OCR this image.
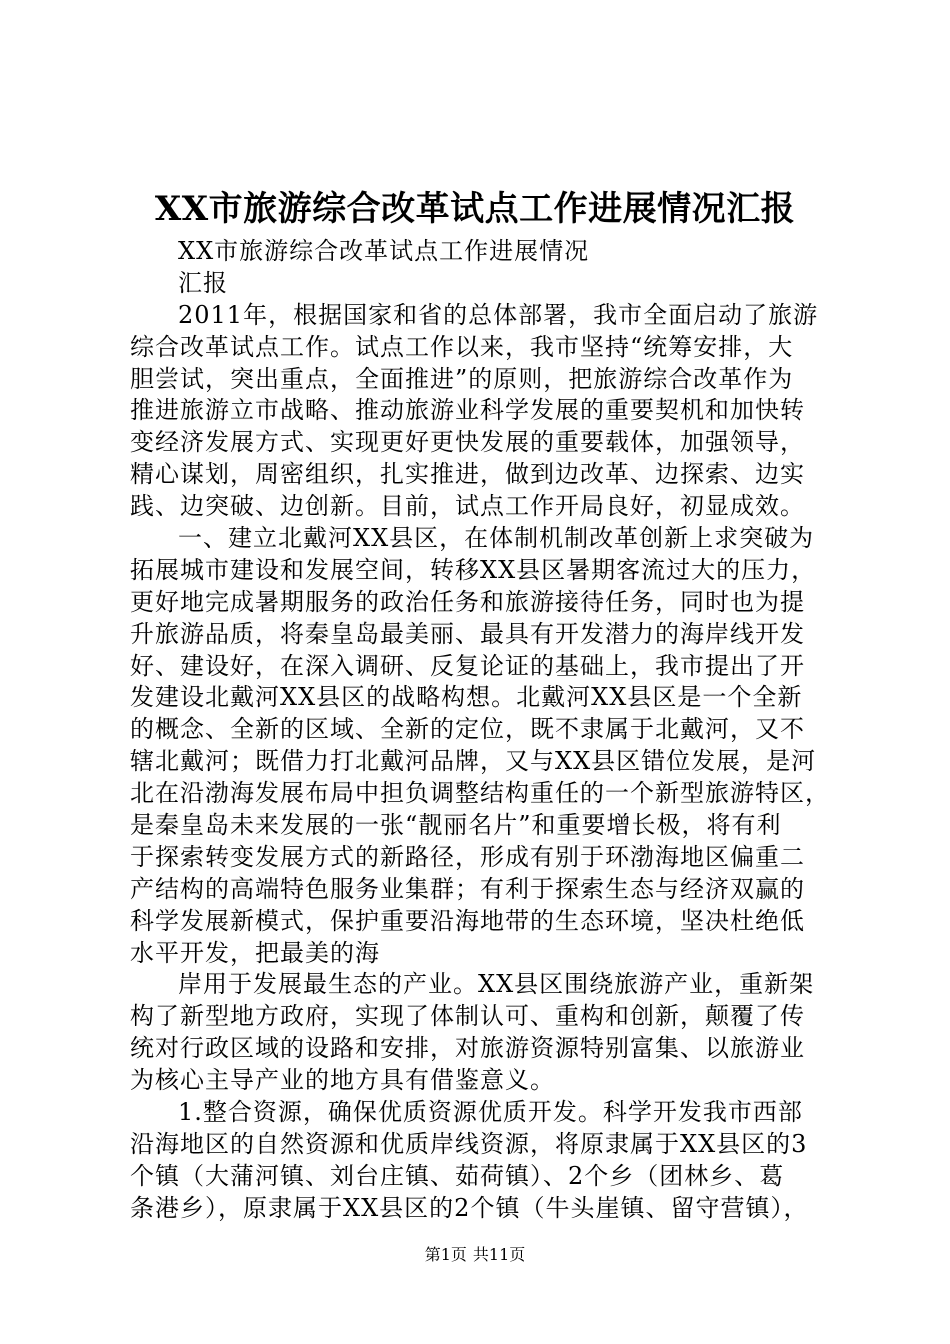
XX市旅游综合改革试点工作进展情况汇报
XX市旅游综合改革试点工作进展情况
汇报
2011年，根据国家和省的总体部署，我市全面启动了旅游
综合改革试点工作。试点工作以来，我市坚持“统筹安排，大
胆尝试，突出重点，全面推进”的原则，把旅游综合改革作为
推进旅游立市战略、推动旅游业科学发展的重要契机和加快转
变经济发展方式、实现更好更快发展的重要载体，加强领导，
精心谋划，周密组织，扎实推进，做到边改革、边探索、边实
践、边突破、边创新。目前，试点工作开局良好，初显成效。
一、建立北戴河XX县区，在体制机制改革创新上求突破为
拓展城市建设和发展空间，转移XX县区暑期客流过大的压力，
更好地完成暑期服务的政治任务和旅游接待任务，同时也为提
升旅游品质，将秦皇岛最美丽、最具有开发潜力的海岸线开发
好、建设好，在深入调研、反复论证的基础上，我市提出了开
发建设北戴河XX县区的战略构想。北戴河XX县区是一个全新
的概念、全新的区域、全新的定位，既不隶属于北戴河，又不
辖北戴河；既借力打北戴河品牌，又与XX县区错位发展，是河
北在沿渤海发展布局中担负调整结构重任的一个新型旅游特区，
是秦皇岛未来发展的一张“靓丽名片”和重要增长极，将有利
于探索转变发展方式的新路径，形成有别于环渤海地区偏重二
产结构的高端特色服务业集群；有利于探索生态与经济双赢的
科学发展新模式，保护重要沿海地带的生态环境，坚决杜绝低
水平开发，把最美的海
岸用于发展最生态的产业。XX县区围绕旅游产业，重新架
构了新型地方政府，实现了体制认可、重构和创新，颠覆了传
统对行政区域的设路和安排，对旅游资源特别富集、以旅游业
为核心主导产业的地方具有借鉴意义。
1.整合资源，确保优质资源优质开发。科学开发我市西部
沿海地区的自然资源和优质岸线资源，将原隶属于XX县区的3
个镇（大蒲河镇、刘台庄镇、茹荷镇）、2个乡（团林乡、葛
条港乡），原隶属于XX县区的2个镇（牛头崖镇、留守营镇），
第1页 共11页
